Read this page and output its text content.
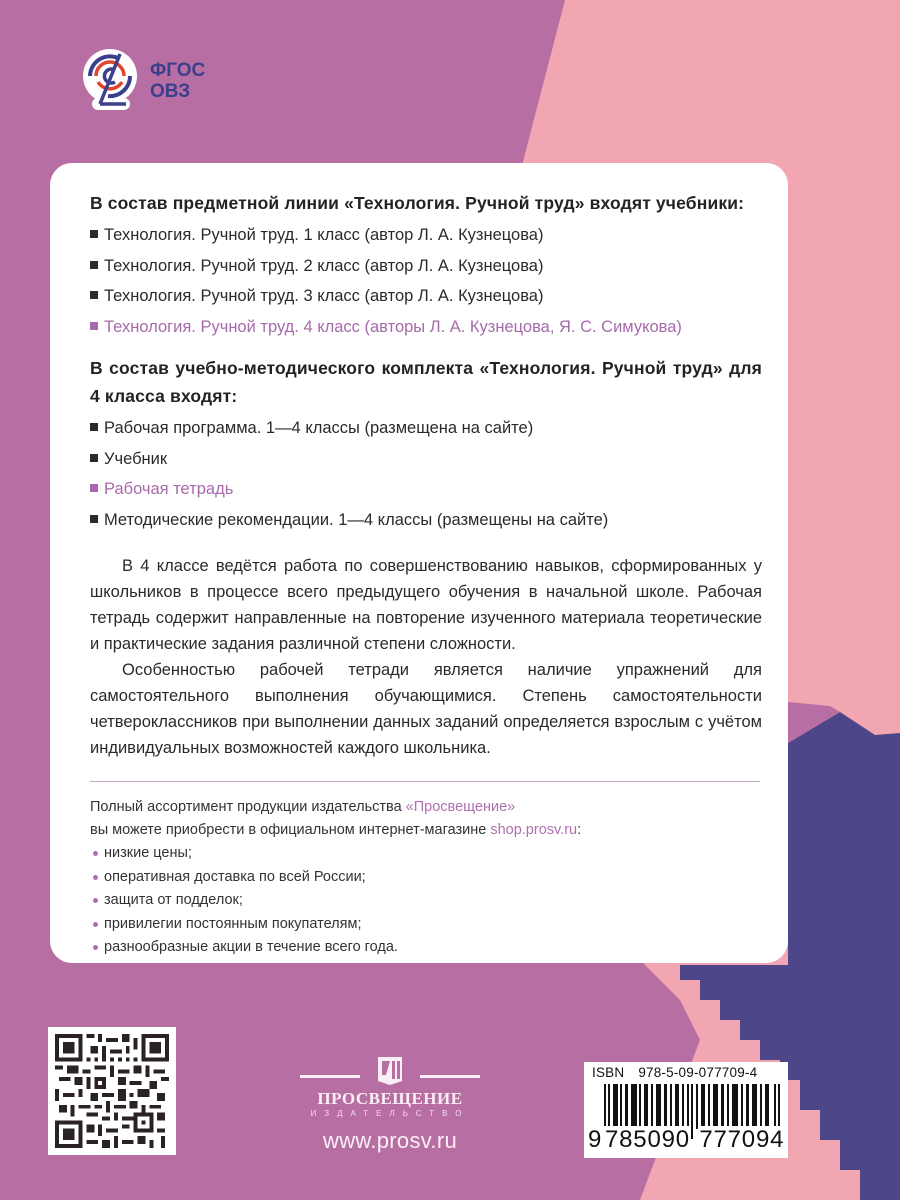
ФГОС
ОВЗ
В состав предметной линии «Технология. Ручной труд» входят учебники:
Технология. Ручной труд. 1 класс (автор Л. А. Кузнецова)
Технология. Ручной труд. 2 класс (автор Л. А. Кузнецова)
Технология. Ручной труд. 3 класс (автор Л. А. Кузнецова)
Технология. Ручной труд. 4 класс (авторы Л. А. Кузнецова, Я. С. Симукова)
В состав учебно-методического комплекта «Технология. Ручной труд» для 4 класса входят:
Рабочая программа. 1—4 классы (размещена на сайте)
Учебник
Рабочая тетрадь
Методические рекомендации. 1—4 классы (размещены на сайте)

В 4 классе ведётся работа по совершенствованию навыков, сформированных у школьников в процессе всего предыдущего обучения в начальной школе. Рабочая тетрадь содержит направленные на повторение изученного материала теоретические и практические задания различной степени сложности.

Особенностью рабочей тетради является наличие упражнений для самостоятельного выполнения обучающимися. Степень самостоятельности четвероклассников при выполнении данных заданий определяется взрослым с учётом индивидуальных возможностей каждого школьника.

Полный ассортимент продукции издательства «Просвещение»
вы можете приобрести в официальном интернет-магазине shop.prosv.ru:
низкие цены;
оперативная доставка по всей России;
защита от подделок;
привилегии постоянным покупателям;
разнообразные акции в течение всего года.
ПРОСВЕЩЕНИЕ
ИЗДАТЕЛЬСТВО
www.prosv.ru
ISBN 978-5-09-077709-4
9 785090 777094
